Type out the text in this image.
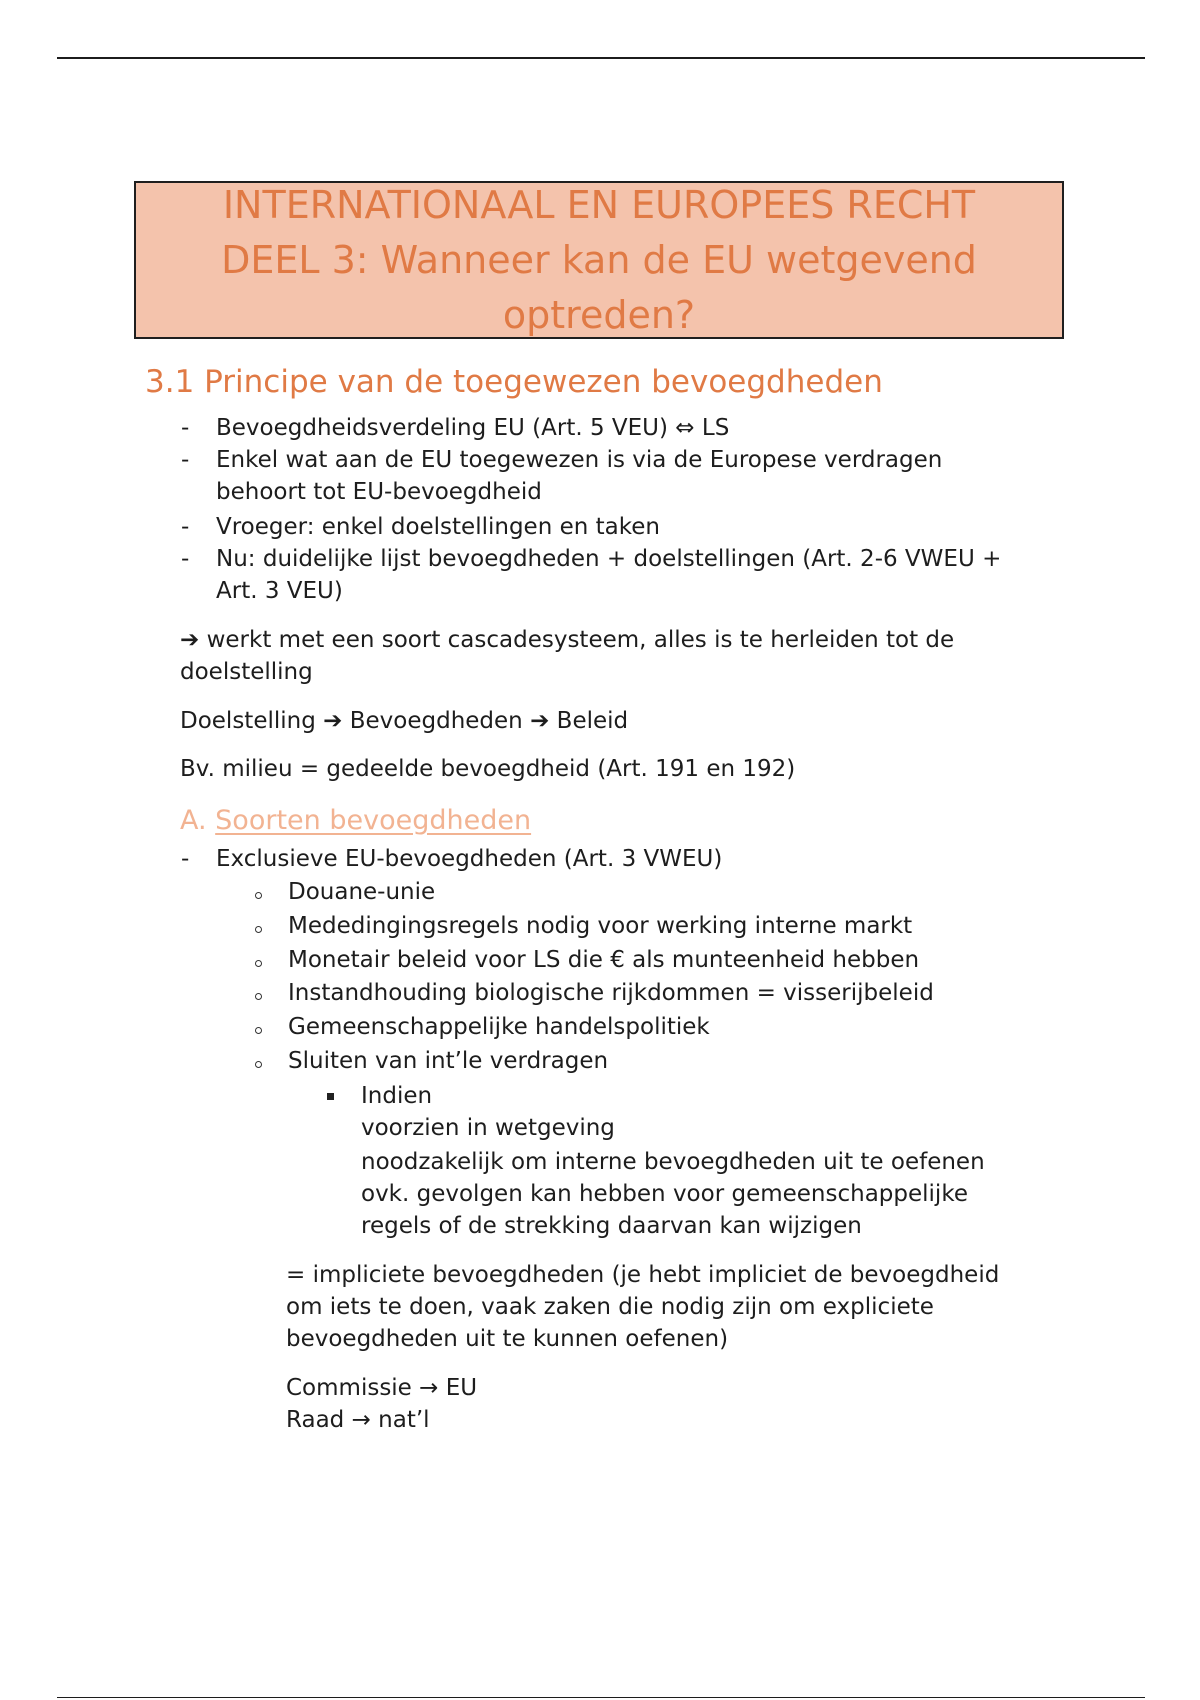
INTERNATIONAAL EN EUROPEES RECHT
DEEL 3: Wanneer kan de EU wetgevend
optreden?
3.1 Principe van de toegewezen bevoegdheden
- Bevoegdheidsverdeling EU (Art. 5 VEU) ⇔ LS
- Enkel wat aan de EU toegewezen is via de Europese verdragen
behoort tot EU-bevoegdheid
- Vroeger: enkel doelstellingen en taken
- Nu: duidelijke lijst bevoegdheden + doelstellingen (Art. 2-6 VWEU +
Art. 3 VEU)
➔ werkt met een soort cascadesysteem, alles is te herleiden tot de
doelstelling
Doelstelling ➔ Bevoegdheden ➔ Beleid
Bv. milieu = gedeelde bevoegdheid (Art. 191 en 192)
A. Soorten bevoegdheden
- Exclusieve EU-bevoegdheden (Art. 3 VWEU)
Douane-unie
Mededingingsregels nodig voor werking interne markt
Monetair beleid voor LS die € als munteenheid hebben
Instandhouding biologische rijkdommen = visserijbeleid
Gemeenschappelijke handelspolitiek
Sluiten van int’le verdragen
Indien
voorzien in wetgeving
noodzakelijk om interne bevoegdheden uit te oefenen
ovk. gevolgen kan hebben voor gemeenschappelijke
regels of de strekking daarvan kan wijzigen
= impliciete bevoegdheden (je hebt impliciet de bevoegdheid
om iets te doen, vaak zaken die nodig zijn om expliciete
bevoegdheden uit te kunnen oefenen)
Commissie → EU
Raad → nat’l
